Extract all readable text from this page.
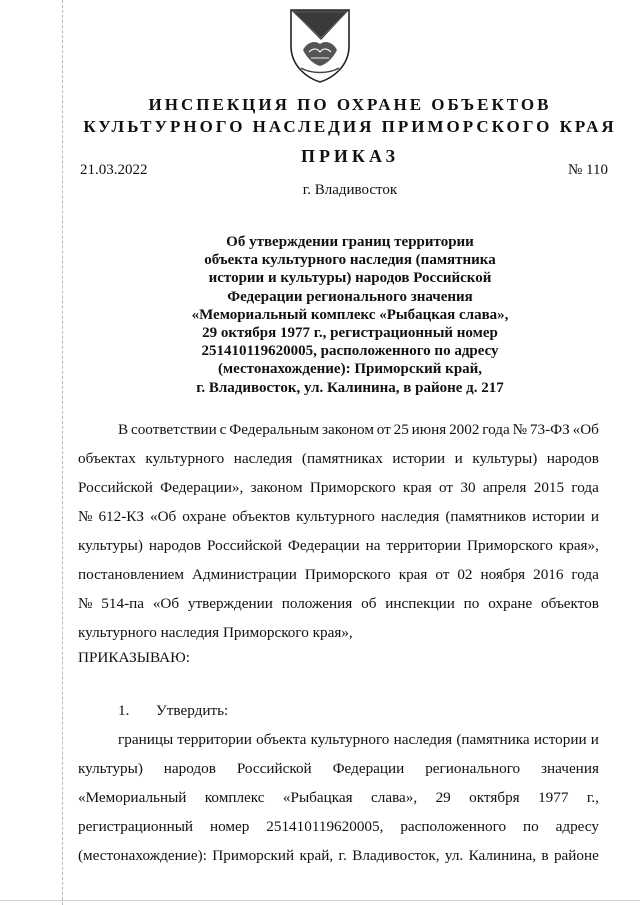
ИНСПЕКЦИЯ ПО ОХРАНЕ ОБЪЕКТОВ
КУЛЬТУРНОГО НАСЛЕДИЯ ПРИМОРСКОГО КРАЯ
ПРИКАЗ
21.03.2022	№ 110
г. Владивосток
Об утверждении границ территории
объекта культурного наследия (памятника
истории и культуры) народов Российской
Федерации регионального значения
«Мемориальный комплекс «Рыбацкая слава»,
29 октября 1977 г., регистрационный номер
251410119620005, расположенного по адресу
(местонахождение): Приморский край,
г. Владивосток, ул. Калинина, в районе д. 217
В соответствии с Федеральным законом от 25 июня 2002 года № 73-ФЗ «Об
объектах культурного наследия (памятниках истории и культуры) народов
Российской Федерации», законом Приморского края от 30 апреля 2015 года
№ 612-КЗ «Об охране объектов культурного наследия (памятников истории и
культуры) народов Российской Федерации на территории Приморского края»,
постановлением Администрации Приморского края от 02 ноября 2016 года
№ 514-па «Об утверждении положения об инспекции по охране объектов
культурного наследия Приморского края»,
ПРИКАЗЫВАЮ:
1. Утвердить:
границы территории объекта культурного наследия (памятника истории и
культуры) народов Российской Федерации регионального значения
«Мемориальный комплекс «Рыбацкая слава», 29 октября 1977 г.,
регистрационный номер 251410119620005, расположенного по адресу
(местонахождение): Приморский край, г. Владивосток, ул. Калинина, в районе
